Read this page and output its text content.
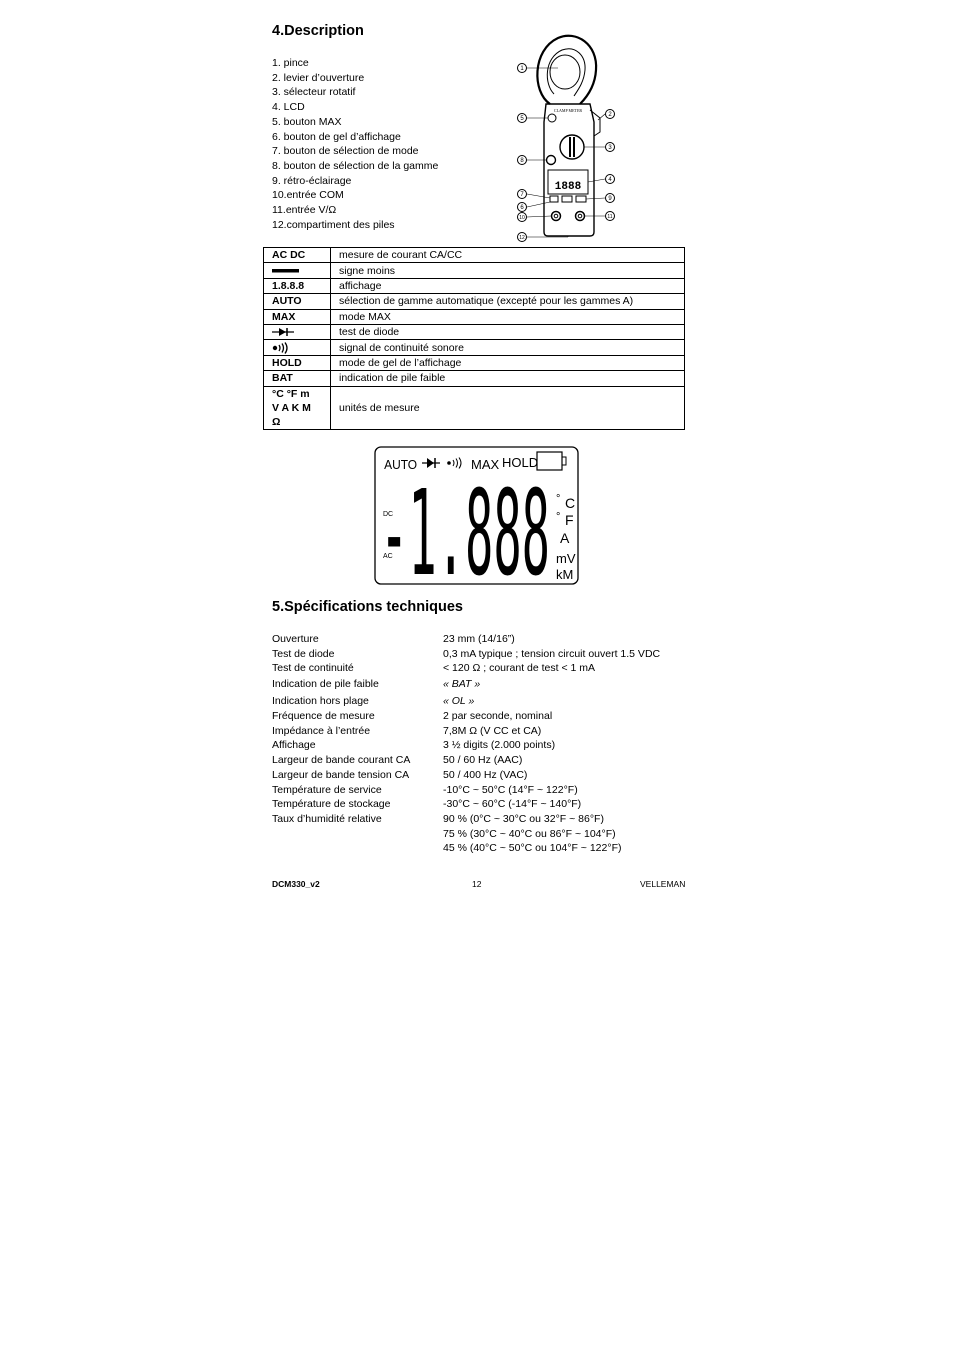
4.Description
1. pince
2. levier d’ouverture
3. sélecteur rotatif
4. LCD
5. bouton MAX
6. bouton de gel d’affichage
7. bouton de sélection de mode
8. bouton de sélection de la gamme
9. rétro-éclairage
10.entrée COM
11.entrée V/Ω
12.compartiment des piles
CLAMP METER
1888
1
2
3
4
5
6
7
8
9
10	11
12
AC DC	mesure de courant CA/CC

	signe moins
1.8.8.8	affichage
AUTO	sélection de gamme automatique (excepté pour les gammes A)
MAX	mode MAX

	test de diode

	signal de continuité sonore
HOLD	mode de gel de l’affichage
BAT	indication de pile faible

°C °F m
V A K M
Ω	unités de mesure
AUTO	MAX HOLD
DC
AC
-1.888 ° C
° F
A
mV
kM
5.Spécifications techniques
Ouverture	23 mm (14/16”)
Test de diode	0,3 mA typique ; tension circuit ouvert 1.5 VDC
Test de continuité	< 120 Ω ; courant de test < 1 mA
Indication de pile faible	« BAT »
Indication hors plage	« OL »
Fréquence de mesure	2 par seconde, nominal
Impédance à l’entrée	7,8M Ω (V CC et CA)
Affichage	3 ½ digits (2.000 points)
Largeur de bande courant CA	50 / 60 Hz (AAC)
Largeur de bande tension CA	50 / 400 Hz (VAC)
Température de service	-10°C ~ 50°C (14°F ~ 122°F)
Température de stockage	-30°C ~ 60°C (-14°F ~ 140°F)
Taux d’humidité relative	90 % (0°C ~ 30°C ou 32°F ~ 86°F)
75 % (30°C ~ 40°C ou 86°F ~ 104°F)
45 % (40°C ~ 50°C ou 104°F ~ 122°F)
DCM330_v2	12	VELLEMAN
